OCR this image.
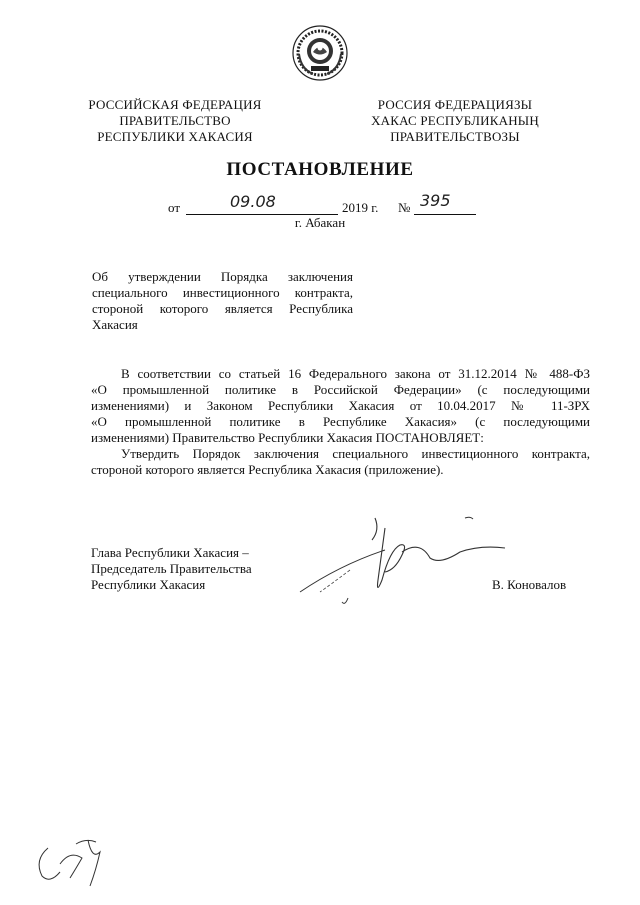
РОССИЙСКАЯ ФЕДЕРАЦИЯ
ПРАВИТЕЛЬСТВО
РЕСПУБЛИКИ ХАКАСИЯ
РОССИЯ ФЕДЕРАЦИЯЗЫ
ХАКАС РЕСПУБЛИКАНЫҢ
ПРАВИТЕЛЬСТВОЗЫ
ПОСТАНОВЛЕНИЕ
от	09.08	2019 г. № 395
г. Абакан
Об утверждении Порядка заключения
специального инвестиционного контракта,
стороной которого является Республика
Хакасия
В соответствии со статьей 16 Федерального закона от 31.12.2014 № 488-ФЗ
«О промышленной политике в Российской Федерации» (с последующими
изменениями) и Законом Республики Хакасия от 10.04.2017 № 11-ЗРХ
«О промышленной политике в Республике Хакасия» (с последующими
изменениями) Правительство Республики Хакасия ПОСТАНОВЛЯЕТ:
Утвердить Порядок заключения специального инвестиционного контракта,
стороной которого является Республика Хакасия (приложение).
Глава Республики Хакасия –
Председатель Правительства
Республики Хакасия	В. Коновалов
